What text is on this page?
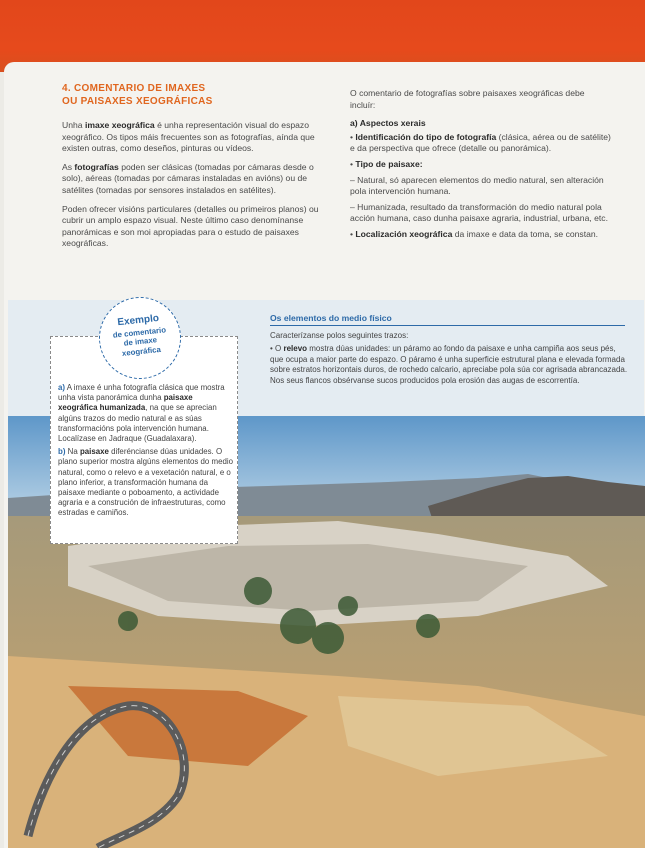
4. COMENTARIO DE IMAXES
OU PAISAXES XEOGRÁFICAS

Unha imaxe xeográfica é unha representación visual do espazo xeográfico. Os tipos máis frecuentes son as fotografías, aínda que existen outras, como deseños, pinturas ou vídeos.

As fotografías poden ser clásicas (tomadas por cámaras desde o solo), aéreas (tomadas por cámaras instaladas en avións) ou de satélites (tomadas por sensores instalados en satélites).

Poden ofrecer visións particulares (detalles ou primeiros planos) ou cubrir un amplo espazo visual. Neste último caso denomínanse panorámicas e son moi apropiadas para o estudo de paisaxes xeográficas.

O comentario de fotografías sobre paisaxes xeográficas debe incluír:

a) Aspectos xerais
• Identificación do tipo de fotografía (clásica, aérea ou de satélite) e da perspectiva que ofrece (detalle ou panorámica).
• Tipo de paisaxe:
– Natural, só aparecen elementos do medio natural, sen alteración pola intervención humana.
– Humanizada, resultado da transformación do medio natural pola acción humana, caso dunha paisaxe agraria, industrial, urbana, etc.
• Localización xeográfica da imaxe e data da toma, se constan.
Os elementos do medio físico

Caracterízanse polos seguintes trazos:

• O relevo mostra dúas unidades: un páramo ao fondo da paisaxe e unha campiña aos seus pés, que ocupa a maior parte do espazo. O páramo é unha superficie estrutural plana e elevada formada sobre estratos horizontais duros, de rochedo calcario, apreciabe pola súa cor agrisada abrancazada. Nos seus flancos obsérvanse sucos producidos pola erosión das augas de escorrentía.

a) A imaxe é unha fotografía clásica que mostra unha vista panorámica dunha paisaxe xeográfica humanizada, na que se aprecian algúns trazos do medio natural e as súas transformacións pola intervención humana. Localízase en Jadraque (Guadalaxara).

b) Na paisaxe diferéncianse dúas unidades. O plano superior mostra algúns elementos do medio natural, como o relevo e a vexetación natural, e o plano inferior, a transformación humana da paisaxe mediante o poboamento, a actividade agraria e a construción de infraestruturas, como estradas e camiños.

Exemplo
de comentario de imaxe xeográfica
